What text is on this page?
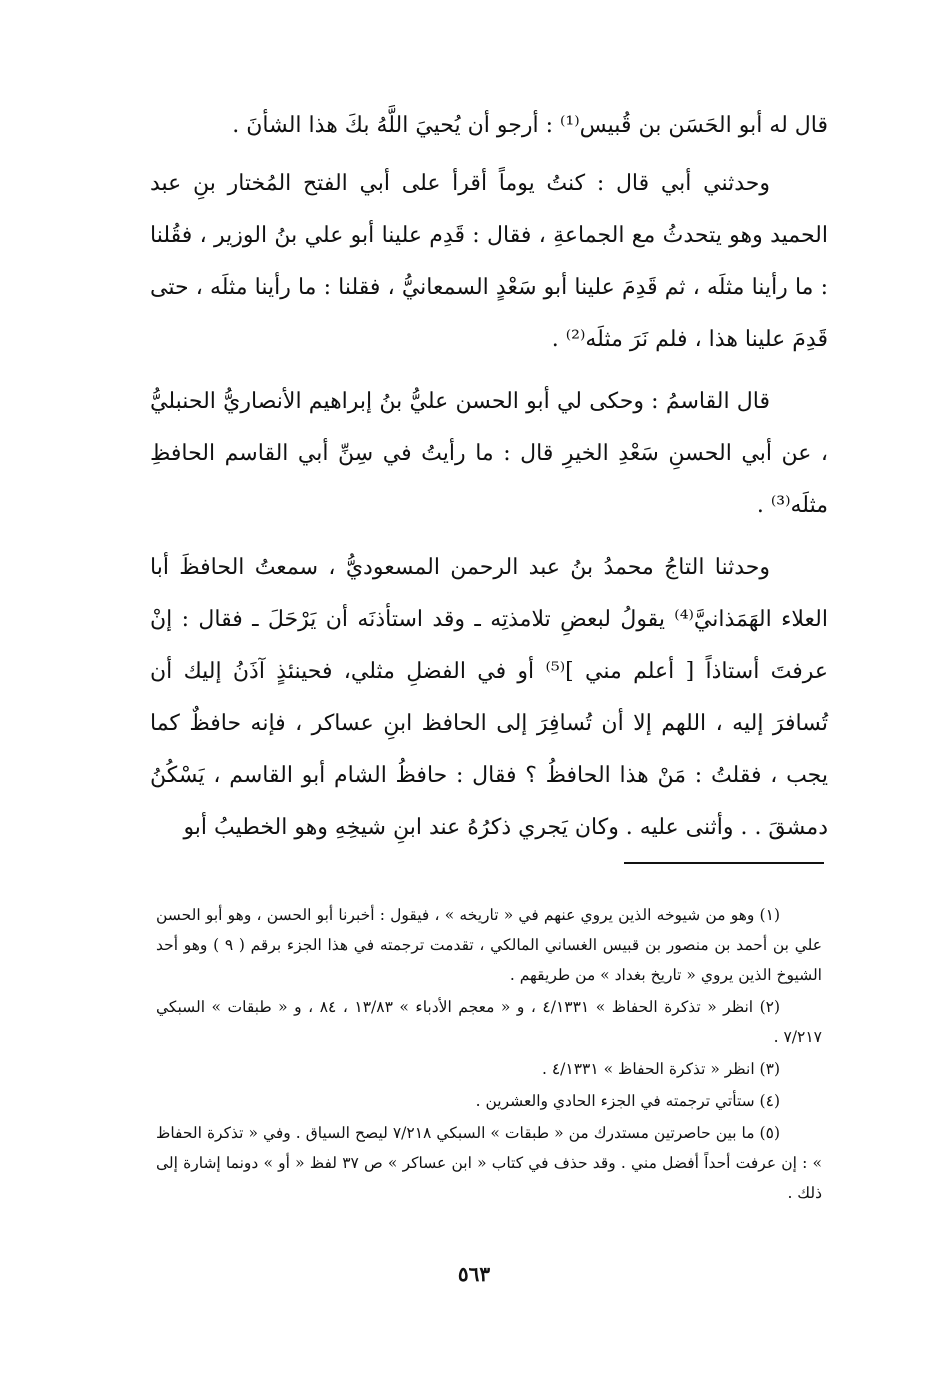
قال له أبو الحَسَن بن قُبيس⁽¹⁾ : أرجو أن يُحييَ اللَّهُ بكَ هذا الشأنَ .

وحدثني أبي قال : كنتُ يوماً أقرأ على أبي الفتح المُختار بنِ عبد الحميد وهو يتحدثُ مع الجماعةِ ، فقال : قَدِم علينا أبو علي بنُ الوزير ، فقُلنا : ما رأينا مثلَه ، ثم قَدِمَ علينا أبو سَعْدٍ السمعانيُّ ، فقلنا : ما رأينا مثلَه ، حتى قَدِمَ علينا هذا ، فلم نَرَ مثلَه⁽²⁾ .

قال القاسمُ : وحكى لي أبو الحسن عليُّ بنُ إبراهيم الأنصاريُّ الحنبليُّ ، عن أبي الحسنِ سَعْدِ الخيرِ قال : ما رأيتُ في سِنِّ أبي القاسم الحافظِ مثلَه⁽³⁾ .

وحدثنا التاجُ محمدُ بنُ عبد الرحمن المسعوديُّ ، سمعتُ الحافظَ أبا العلاء الهَمَذانيَّ⁽⁴⁾ يقولُ لبعضِ تلامذتِه ـ وقد استأذنَه أن يَرْحَلَ ـ فقال : إنْ عرفتَ أستاذاً [ أعلم مني ]⁽⁵⁾ أو في الفضلِ مثلي، فحينئذٍ آذَنُ إليك أن تُسافرَ إليه ، اللهم إلا أن تُسافِرَ إلى الحافظ ابنِ عساكر ، فإنه حافظٌ كما يجب ، فقلتُ : مَنْ هذا الحافظُ ؟ فقال : حافظُ الشام أبو القاسم ، يَسْكُنُ دمشقَ . . وأثنى عليه . وكان يَجري ذكرُهُ عند ابنِ شيخِهِ وهو الخطيبُ أبو

(١) وهو من شيوخه الذين يروي عنهم في « تاريخه » ، فيقول : أخبرنا أبو الحسن ، وهو أبو الحسن علي بن أحمد بن منصور بن قبيس الغساني المالكي ، تقدمت ترجمته في هذا الجزء برقم ( ٩ ) وهو أحد الشيوخ الذين يروي « تاريخ بغداد » من طريقهم .

(٢) انظر « تذكرة الحفاظ » ٤/١٣٣١ ، و « معجم الأدباء » ١٣/٨٣ ، ٨٤ ، و « طبقات » السبكي ٧/٢١٧ .

(٣) انظر « تذكرة الحفاظ » ٤/١٣٣١ .

(٤) ستأتي ترجمته في الجزء الحادي والعشرين .

(٥) ما بين حاصرتين مستدرك من « طبقات » السبكي ٧/٢١٨ ليصح السياق . وفي « تذكرة الحفاظ » : إن عرفت أحداً أفضل مني . وقد حذف في كتاب « ابن عساكر » ص ٣٧ لفظ « أو » دونما إشارة إلى ذلك .

٥٦٣
